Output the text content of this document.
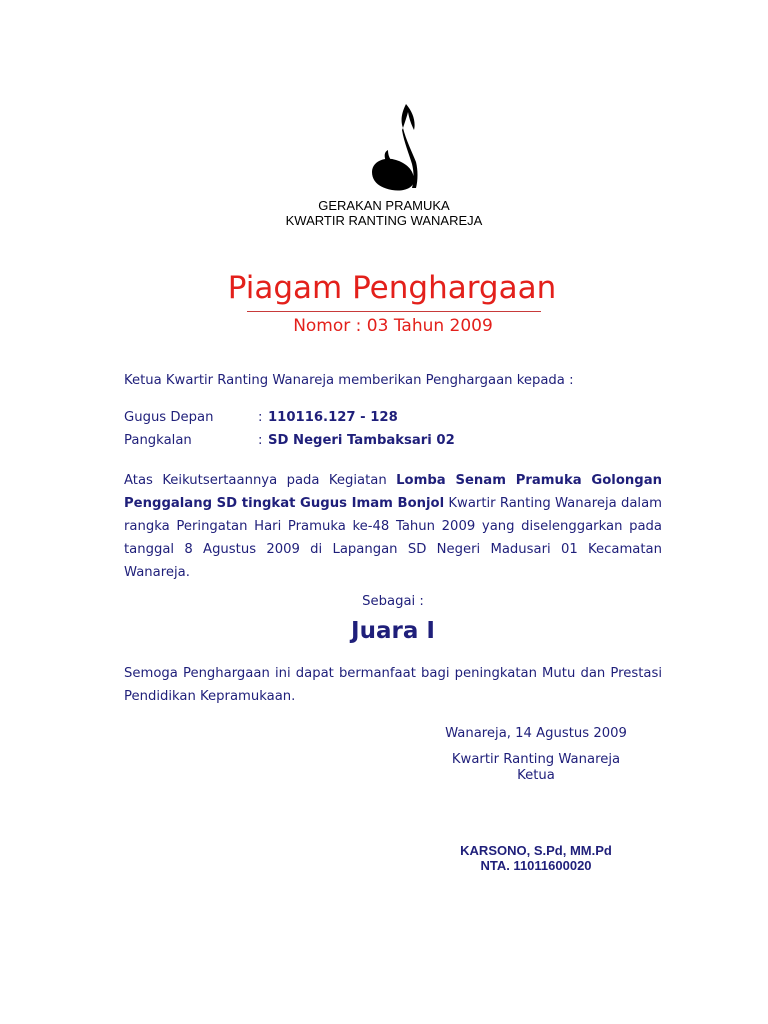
GERAKAN PRAMUKA
KWARTIR RANTING WANAREJA
Piagam Penghargaan
Nomor : 03 Tahun 2009
Ketua Kwartir Ranting Wanareja memberikan Penghargaan kepada :
Gugus Depan	: 110116.127 - 128
Pangkalan	: SD Negeri Tambaksari 02
Atas Keikutsertaannya pada Kegiatan Lomba Senam Pramuka Golongan Penggalang SD tingkat Gugus Imam Bonjol Kwartir Ranting Wanareja dalam rangka Peringatan Hari Pramuka ke-48 Tahun 2009 yang diselenggarkan pada tanggal 8 Agustus 2009 di Lapangan SD Negeri Madusari 01 Kecamatan Wanareja.
Sebagai :
Juara I
Semoga Penghargaan ini dapat bermanfaat bagi peningkatan Mutu dan Prestasi Pendidikan Kepramukaan.
Wanareja, 14 Agustus 2009
Kwartir Ranting Wanareja
Ketua
KARSONO, S.Pd, MM.Pd
NTA. 11011600020
